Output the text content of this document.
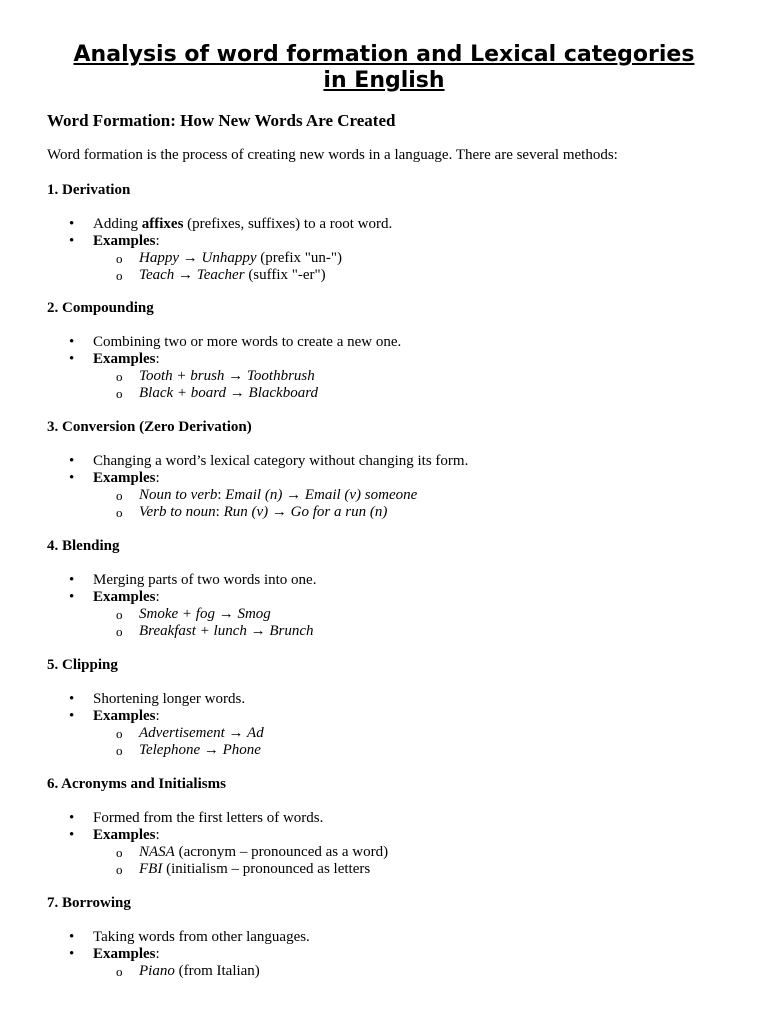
Analysis of word formation and Lexical categories
in English
Word Formation: How New Words Are Created
Word formation is the process of creating new words in a language. There are several methods:
1. Derivation
• Adding affixes (prefixes, suffixes) to a root word.
• Examples:
o Happy → Unhappy (prefix "un-")
o Teach → Teacher (suffix "-er")
2. Compounding
• Combining two or more words to create a new one.
• Examples:
o Tooth + brush → Toothbrush
o Black + board → Blackboard
3. Conversion (Zero Derivation)
• Changing a word’s lexical category without changing its form.
• Examples:
o Noun to verb: Email (n) → Email (v) someone
o Verb to noun: Run (v) → Go for a run (n)
4. Blending
• Merging parts of two words into one.
• Examples:
o Smoke + fog → Smog
o Breakfast + lunch → Brunch
5. Clipping
• Shortening longer words.
• Examples:
o Advertisement → Ad
o Telephone → Phone
6. Acronyms and Initialisms
• Formed from the first letters of words.
• Examples:
o NASA (acronym – pronounced as a word)
o FBI (initialism – pronounced as letters
7. Borrowing
• Taking words from other languages.
• Examples:
o Piano (from Italian)
